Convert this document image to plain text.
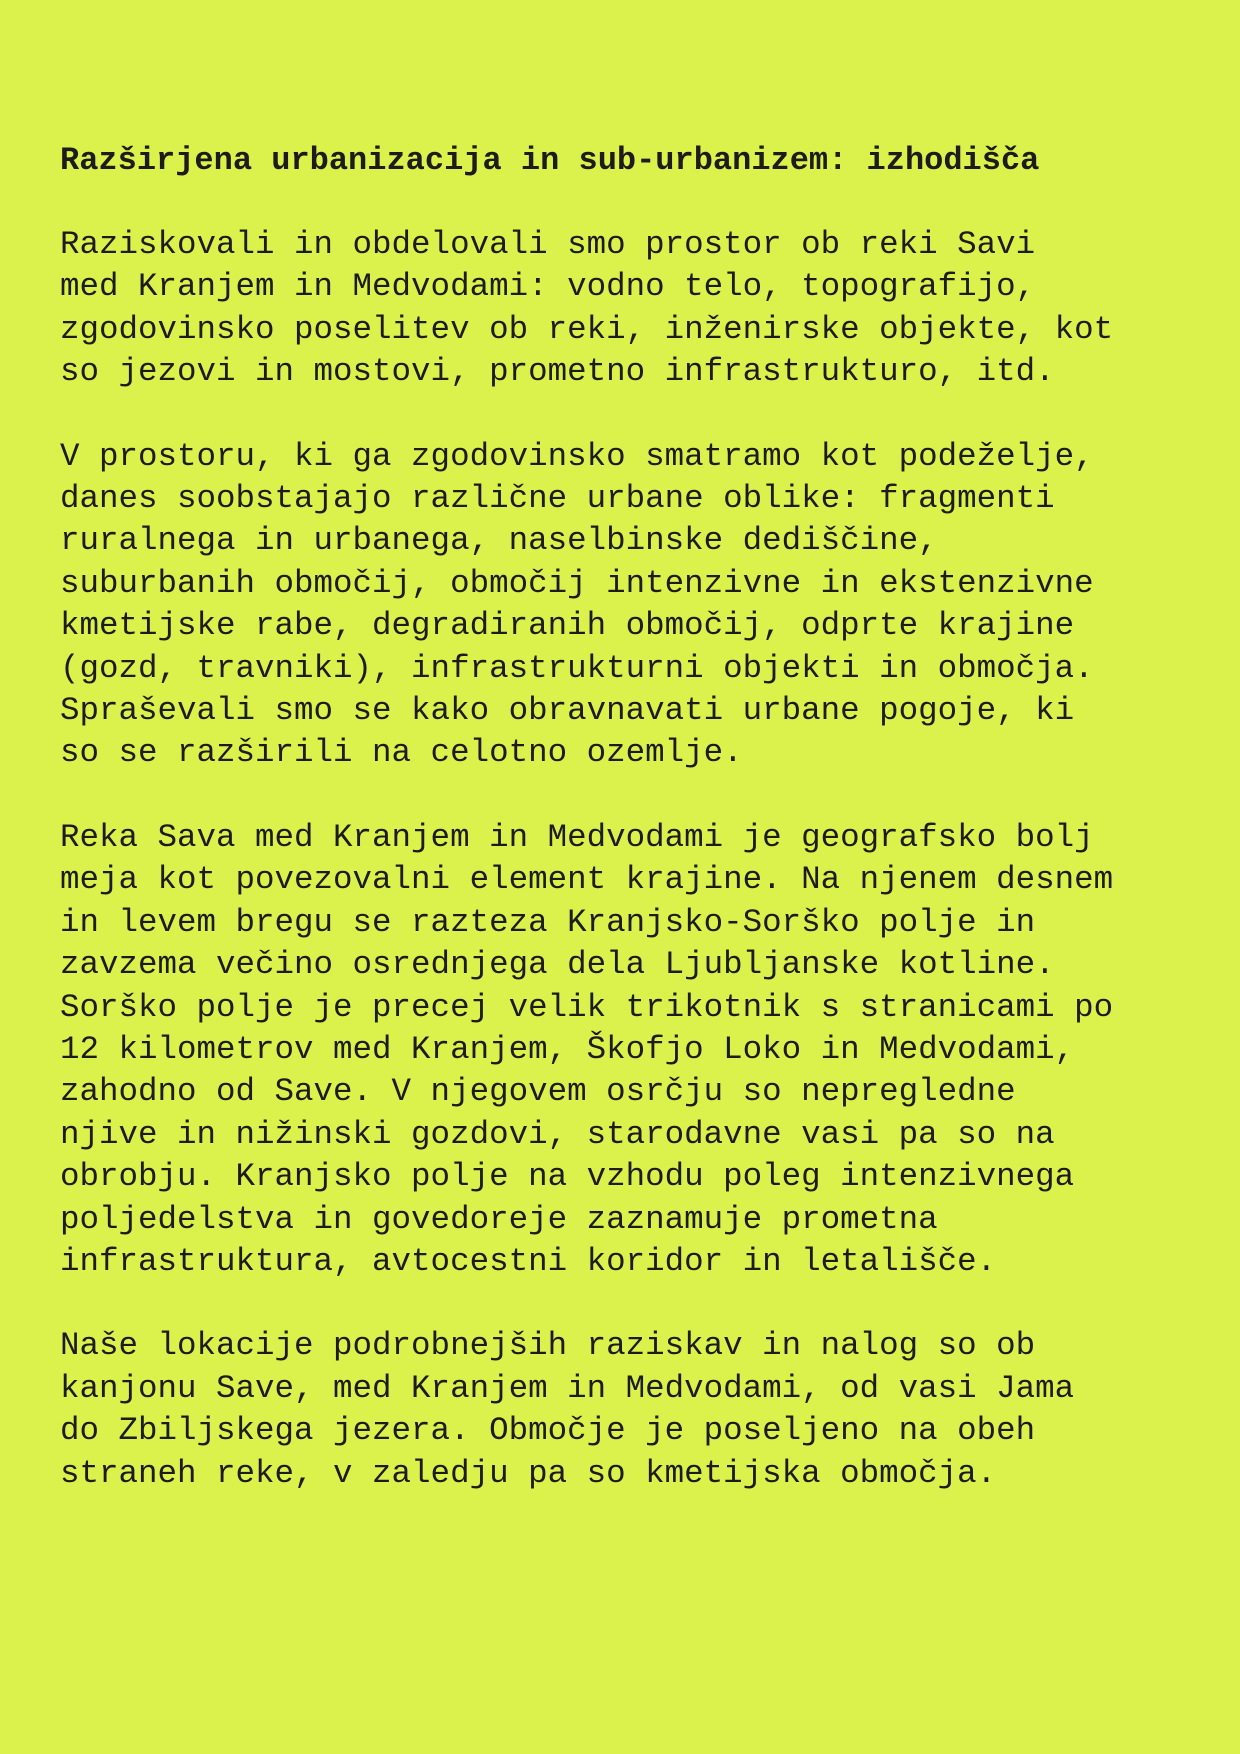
Razširjena urbanizacija in sub-urbanizem: izhodišča
Raziskovali in obdelovali smo prostor ob reki Savi
med Kranjem in Medvodami: vodno telo, topografijo,
zgodovinsko poselitev ob reki, inženirske objekte, kot
so jezovi in mostovi, prometno infrastrukturo, itd.
V prostoru, ki ga zgodovinsko smatramo kot podeželje,
danes soobstajajo različne urbane oblike: fragmenti
ruralnega in urbanega, naselbinske dediščine,
suburbanih območij, območij intenzivne in ekstenzivne
kmetijske rabe, degradiranih območij, odprte krajine
(gozd, travniki), infrastrukturni objekti in območja.
Spraševali smo se kako obravnavati urbane pogoje, ki
so se razširili na celotno ozemlje.
Reka Sava med Kranjem in Medvodami je geografsko bolj
meja kot povezovalni element krajine. Na njenem desnem
in levem bregu se razteza Kranjsko-Sorško polje in
zavzema večino osrednjega dela Ljubljanske kotline.
Sorško polje je precej velik trikotnik s stranicami po
12 kilometrov med Kranjem, Škofjo Loko in Medvodami,
zahodno od Save. V njegovem osrčju so nepregledne
njive in nižinski gozdovi, starodavne vasi pa so na
obrobju. Kranjsko polje na vzhodu poleg intenzivnega
poljedelstva in govedoreje zaznamuje prometna
infrastruktura, avtocestni koridor in letališče.
Naše lokacije podrobnejših raziskav in nalog so ob
kanjonu Save, med Kranjem in Medvodami, od vasi Jama
do Zbiljskega jezera. Območje je poseljeno na obeh
straneh reke, v zaledju pa so kmetijska območja.
